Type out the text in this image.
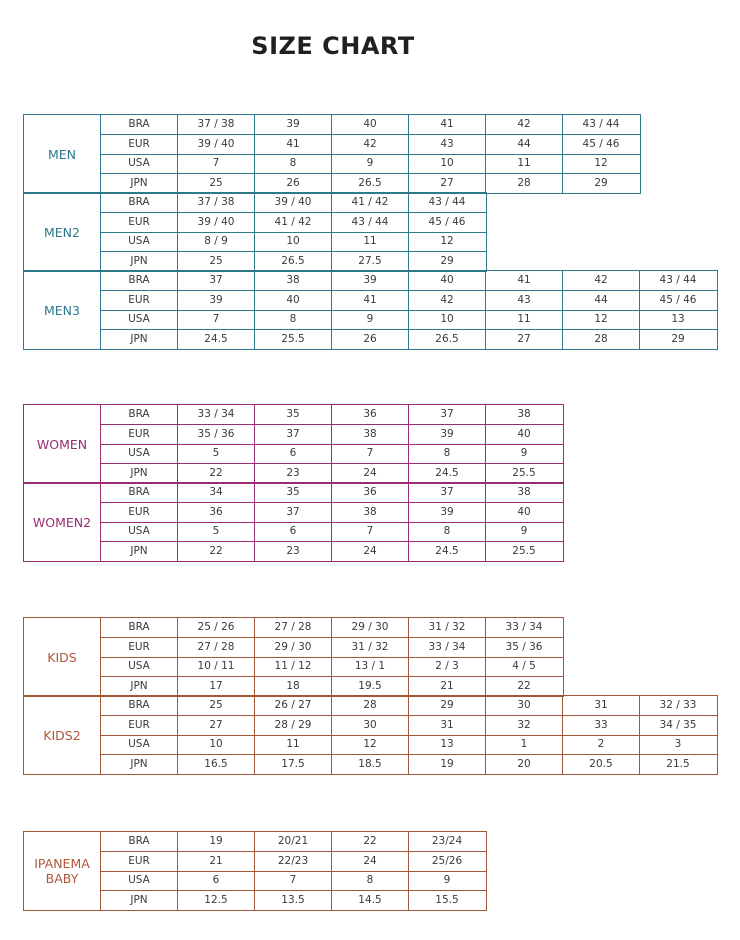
SIZE CHART
MEN
BRA	37 / 38	39	40	41	42	43 / 44
EUR	39 / 40	41	42	43	44	45 / 46
USA	7	8	9	10	11	12
JPN	25	26	26.5	27	28	29
MEN2
BRA	37 / 38	39 / 40	41 / 42	43 / 44
EUR	39 / 40	41 / 42	43 / 44	45 / 46
USA	8 / 9	10	11	12
JPN	25	26.5	27.5	29
MEN3
BRA	37	38	39	40	41	42	43 / 44
EUR	39	40	41	42	43	44	45 / 46
USA	7	8	9	10	11	12	13
JPN	24.5	25.5	26	26.5	27	28	29
WOMEN
BRA	33 / 34	35	36	37	38
EUR	35 / 36	37	38	39	40
USA	5	6	7	8	9
JPN	22	23	24	24.5	25.5
WOMEN2
BRA	34	35	36	37	38
EUR	36	37	38	39	40
USA	5	6	7	8	9
JPN	22	23	24	24.5	25.5
KIDS
BRA	25 / 26	27 / 28	29 / 30	31 / 32	33 / 34
EUR	27 / 28	29 / 30	31 / 32	33 / 34	35 / 36
USA	10 / 11	11 / 12	13 / 1	2 / 3	4 / 5
JPN	17	18	19.5	21	22
KIDS2
BRA	25	26 / 27	28	29	30	31	32 / 33
EUR	27	28 / 29	30	31	32	33	34 / 35
USA	10	11	12	13	1	2	3
JPN	16.5	17.5	18.5	19	20	20.5	21.5
IPANEMA
BABY
BRA	19	20/21	22	23/24
EUR	21	22/23	24	25/26
USA	6	7	8	9
JPN	12.5	13.5	14.5	15.5
